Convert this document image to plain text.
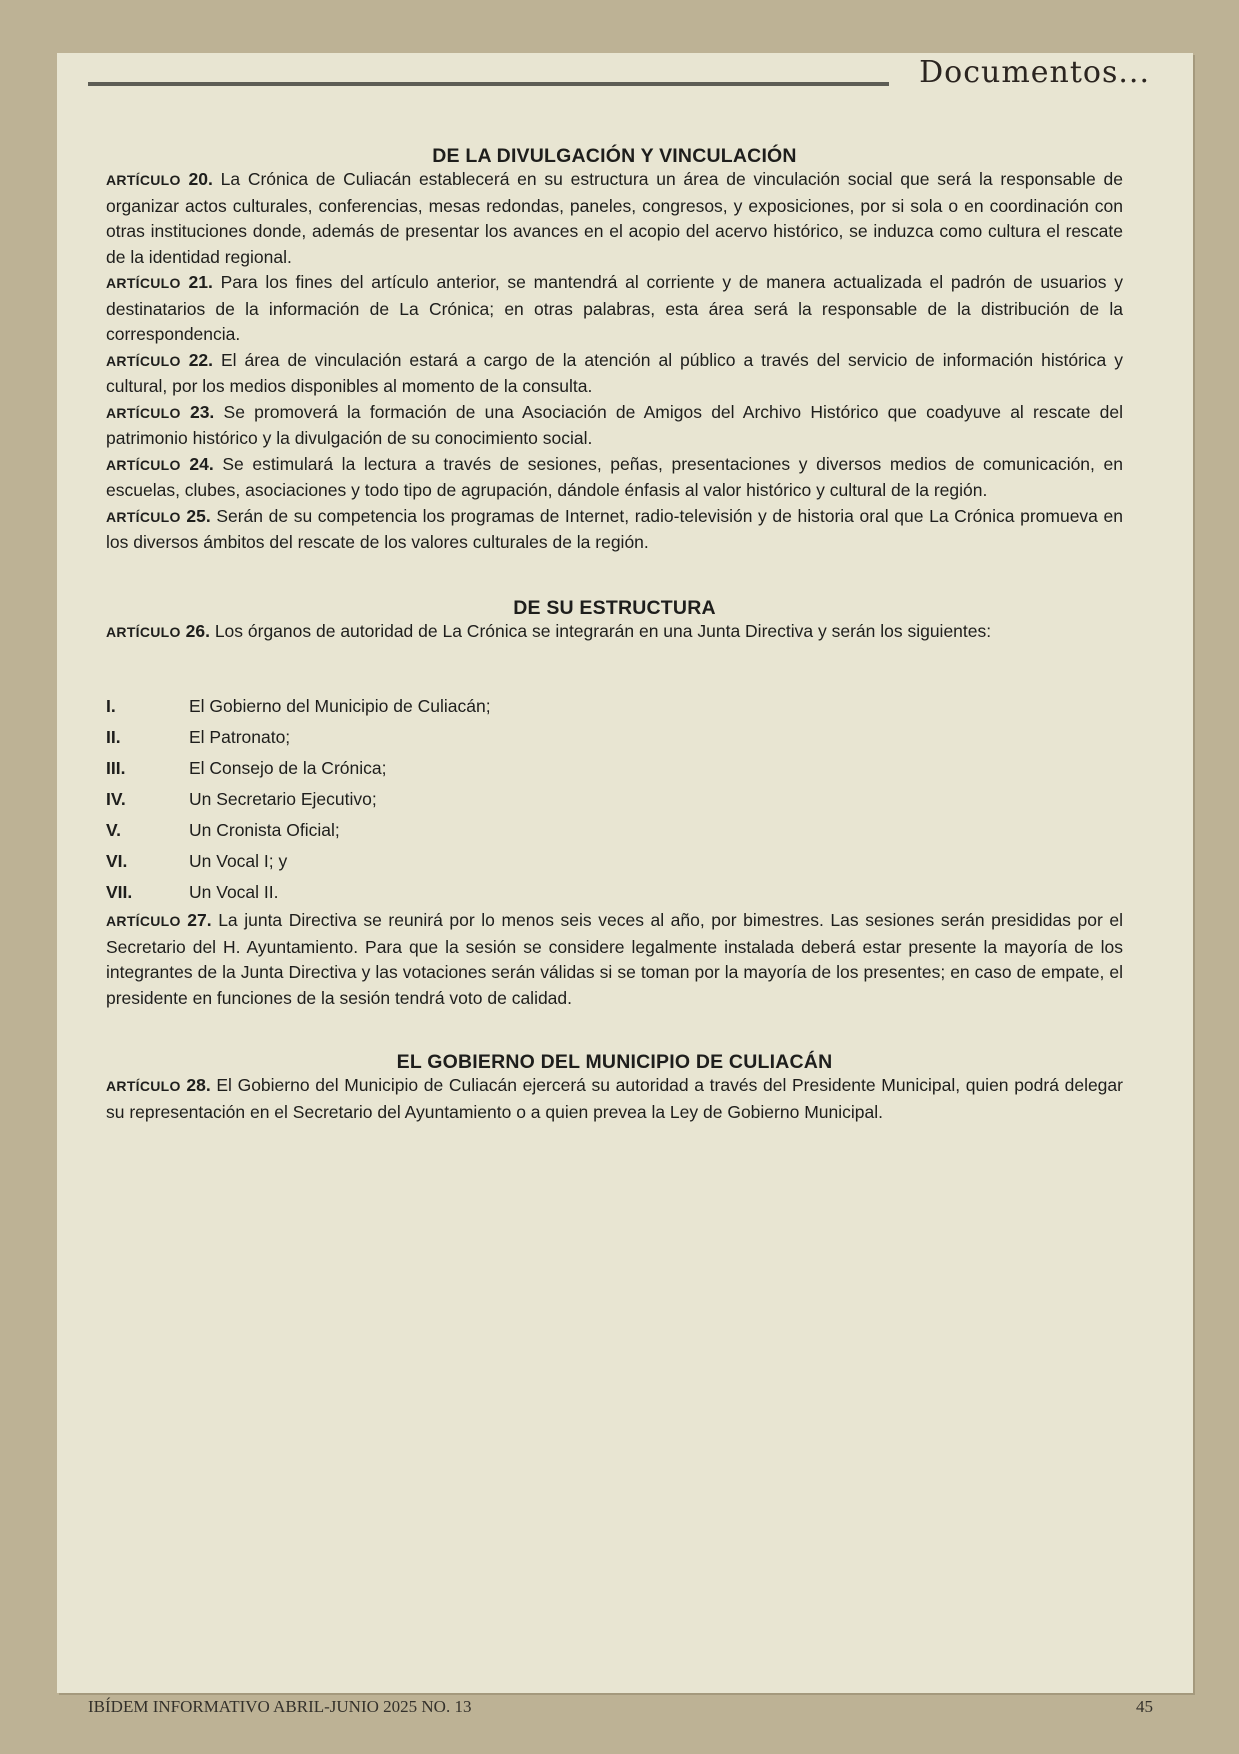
Documentos...
DE LA DIVULGACIÓN Y VINCULACIÓN

ARTÍCULO 20. La Crónica de Culiacán establecerá en su estructura un área de vinculación social que será la responsable de organizar actos culturales, conferencias, mesas redondas, paneles, congresos, y exposiciones, por si sola o en coordinación con otras instituciones donde, además de presentar los avances en el acopio del acervo histórico, se induzca como cultura el rescate de la identidad regional.

ARTÍCULO 21. Para los fines del artículo anterior, se mantendrá al corriente y de manera actualizada el padrón de usuarios y destinatarios de la información de La Crónica; en otras palabras, esta área será la responsable de la distribución de la correspondencia.

ARTÍCULO 22. El área de vinculación estará a cargo de la atención al público a través del servicio de información histórica y cultural, por los medios disponibles al momento de la consulta.

ARTÍCULO 23. Se promoverá la formación de una Asociación de Amigos del Archivo Histórico que coadyuve al rescate del patrimonio histórico y la divulgación de su conocimiento social.

ARTÍCULO 24. Se estimulará la lectura a través de sesiones, peñas, presentaciones y diversos medios de comunicación, en escuelas, clubes, asociaciones y todo tipo de agrupación, dándole énfasis al valor histórico y cultural de la región.

ARTÍCULO 25. Serán de su competencia los programas de Internet, radio-televisión y de historia oral que La Crónica promueva en los diversos ámbitos del rescate de los valores culturales de la región.

DE SU ESTRUCTURA

ARTÍCULO 26. Los órganos de autoridad de La Crónica se integrarán en una Junta Directiva y serán los siguientes:

I.	El Gobierno del Municipio de Culiacán;
II.	El Patronato;
III.	El Consejo de la Crónica;
IV.	Un Secretario Ejecutivo;
V.	Un Cronista Oficial;
VI.	Un Vocal I; y
VII.	Un Vocal II.

ARTÍCULO 27. La junta Directiva se reunirá por lo menos seis veces al año, por bimestres. Las sesiones serán presididas por el Secretario del H. Ayuntamiento. Para que la sesión se considere legalmente instalada deberá estar presente la mayoría de los integrantes de la Junta Directiva y las votaciones serán válidas si se toman por la mayoría de los presentes; en caso de empate, el presidente en funciones de la sesión tendrá voto de calidad.

EL GOBIERNO DEL MUNICIPIO DE CULIACÁN

ARTÍCULO 28. El Gobierno del Municipio de Culiacán ejercerá su autoridad a través del Presidente Municipal, quien podrá delegar su representación en el Secretario del Ayuntamiento o a quien prevea la Ley de Gobierno Municipal.

IBÍDEM INFORMATIVO ABRIL-JUNIO 2025 NO. 13	45
